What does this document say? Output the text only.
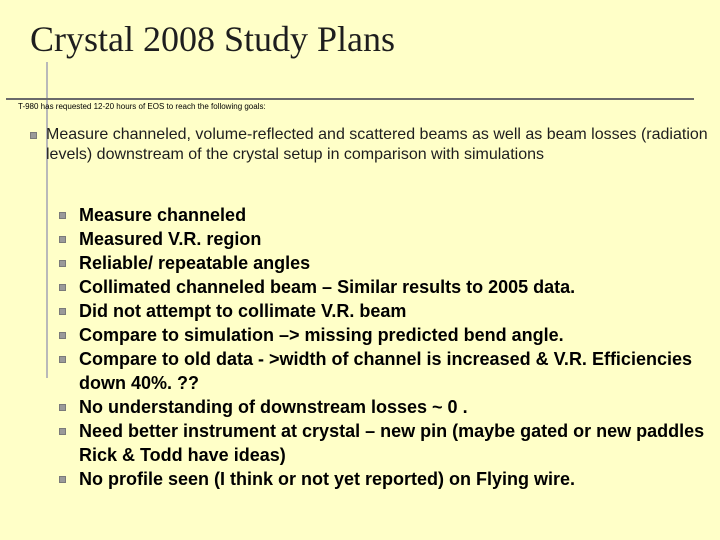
Crystal 2008 Study Plans
T-980 has requested 12-20 hours of EOS to reach the following goals:
Measure channeled, volume-reflected and scattered beams as well as beam losses (radiation levels) downstream of the crystal setup in comparison with simulations
Measure channeled
Measured V.R. region
Reliable/ repeatable angles
Collimated channeled beam – Similar results to 2005 data.
Did not attempt to collimate V.R. beam
Compare to simulation –> missing predicted bend angle.
Compare to old data - >width of channel is increased & V.R. Efficiencies down 40%. ??
No understanding of downstream losses ~ 0 .
Need better instrument at crystal – new pin (maybe gated or new paddles Rick & Todd have ideas)
No profile seen (I think or not yet reported) on Flying wire.
